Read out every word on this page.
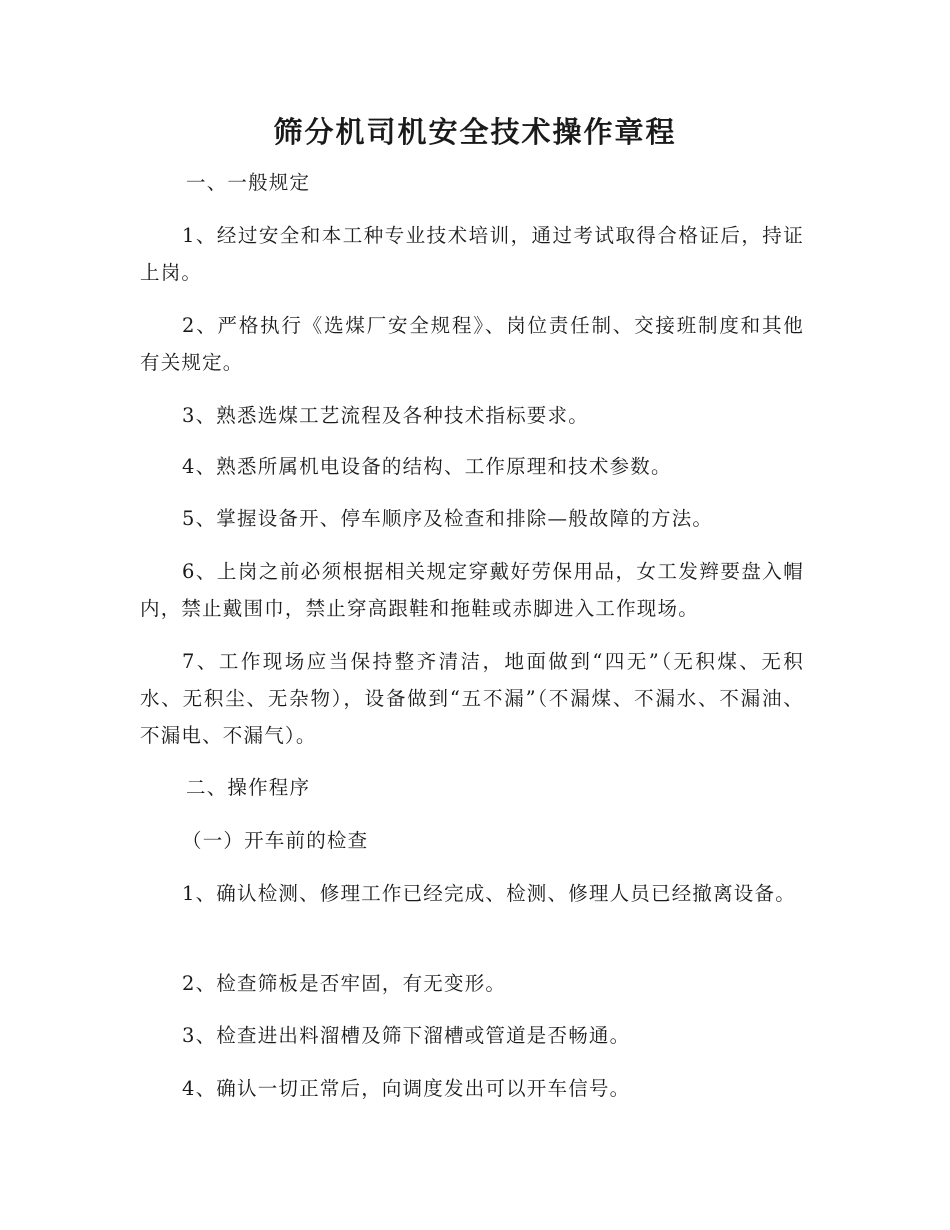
筛分机司机安全技术操作章程

一、一般规定

1、经过安全和本工种专业技术培训，通过考试取得合格证后，持证上岗。

2、严格执行《选煤厂安全规程》、岗位责任制、交接班制度和其他有关规定。

3、熟悉选煤工艺流程及各种技术指标要求。

4、熟悉所属机电设备的结构、工作原理和技术参数。

5、掌握设备开、停车顺序及检查和排除—般故障的方法。

6、上岗之前必须根据相关规定穿戴好劳保用品，女工发辫要盘入帽内，禁止戴围巾，禁止穿高跟鞋和拖鞋或赤脚进入工作现场。

7、工作现场应当保持整齐清洁，地面做到“四无”（无积煤、无积水、无积尘、无杂物），设备做到“五不漏”（不漏煤、不漏水、不漏油、不漏电、不漏气）。

二、操作程序

（一）开车前的检查

1、确认检测、修理工作已经完成、检测、修理人员已经撤离设备。

2、检查筛板是否牢固，有无变形。

3、检查进出料溜槽及筛下溜槽或管道是否畅通。

4、确认一切正常后，向调度发出可以开车信号。
